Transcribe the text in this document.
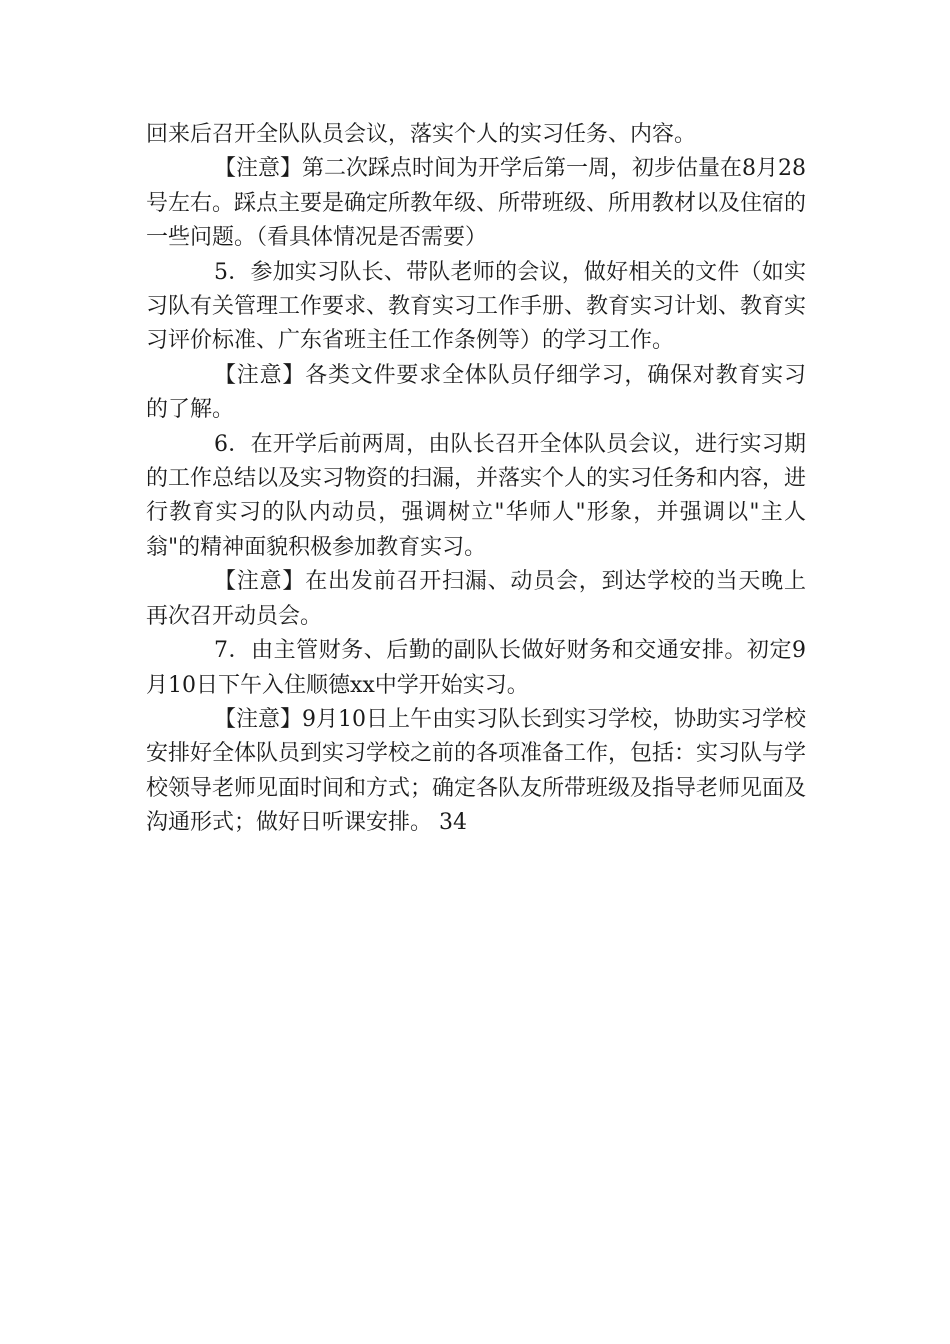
回来后召开全队队员会议，落实个人的实习任务、内容。

【注意】第二次踩点时间为开学后第一周，初步估量在8月28号左右。踩点主要是确定所教年级、所带班级、所用教材以及住宿的一些问题。（看具体情况是否需要）

5．参加实习队长、带队老师的会议，做好相关的文件（如实习队有关管理工作要求、教育实习工作手册、教育实习计划、教育实习评价标准、广东省班主任工作条例等）的学习工作。

【注意】各类文件要求全体队员仔细学习，确保对教育实习的了解。

6．在开学后前两周，由队长召开全体队员会议，进行实习期的工作总结以及实习物资的扫漏，并落实个人的实习任务和内容，进行教育实习的队内动员，强调树立"华师人"形象，并强调以"主人翁"的精神面貌积极参加教育实习。

【注意】在出发前召开扫漏、动员会，到达学校的当天晚上再次召开动员会。

7．由主管财务、后勤的副队长做好财务和交通安排。初定9月10日下午入住顺德xx中学开始实习。

【注意】9月10日上午由实习队长到实习学校，协助实习学校安排好全体队员到实习学校之前的各项准备工作，包括：实习队与学校领导老师见面时间和方式；确定各队友所带班级及指导老师见面及沟通形式；做好日听课安排。 34
